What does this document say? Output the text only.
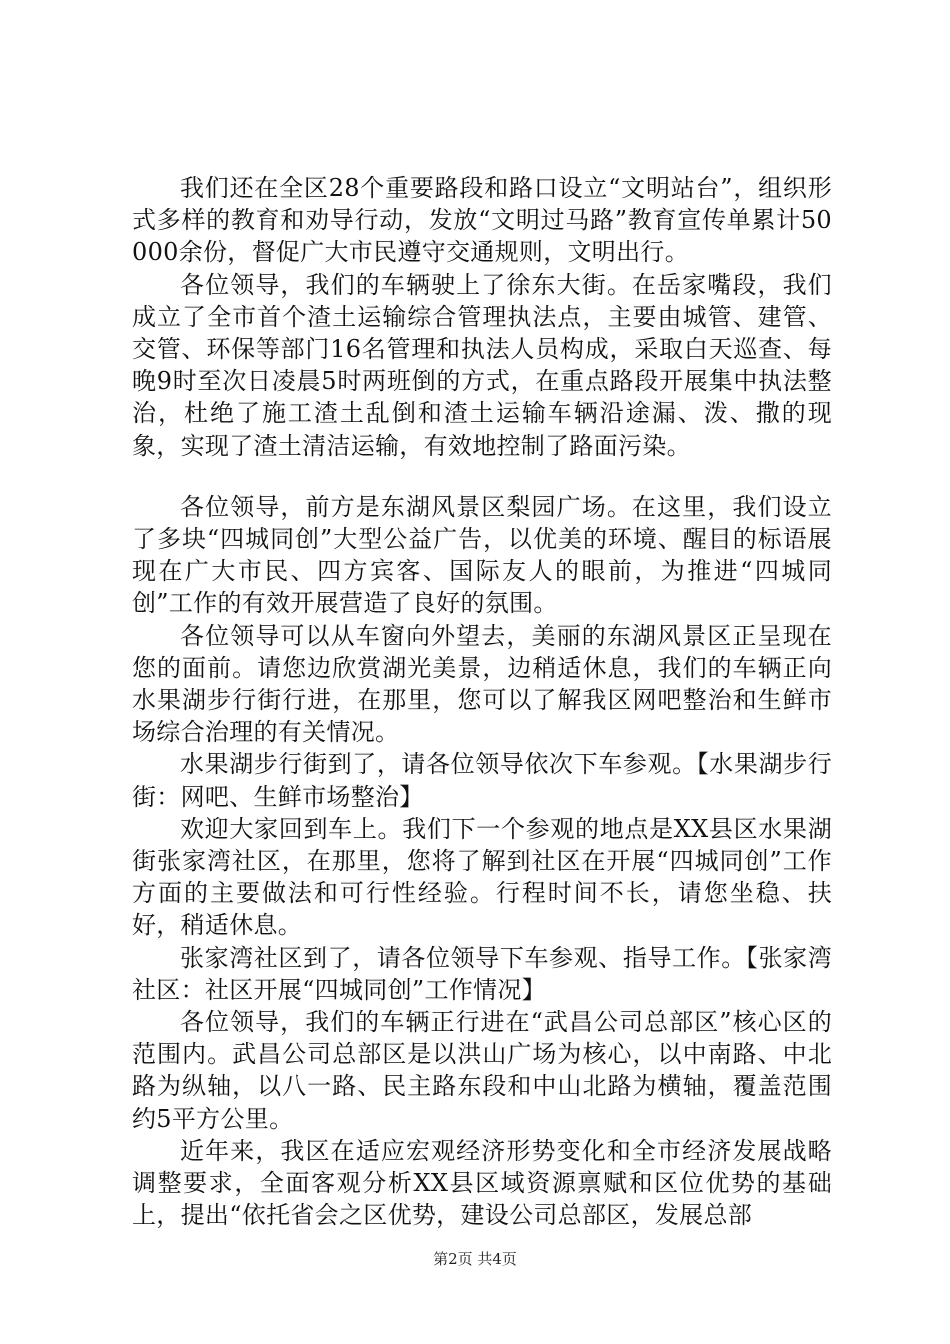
我们还在全区28个重要路段和路口设立“文明站台”，组织形式多样的教育和劝导行动，发放“文明过马路”教育宣传单累计50000余份，督促广大市民遵守交通规则，文明出行。

各位领导，我们的车辆驶上了徐东大街。在岳家嘴段，我们成立了全市首个渣土运输综合管理执法点，主要由城管、建管、交管、环保等部门16名管理和执法人员构成，采取白天巡查、每晚9时至次日凌晨5时两班倒的方式，在重点路段开展集中执法整治，杜绝了施工渣土乱倒和渣土运输车辆沿途漏、泼、撒的现象，实现了渣土清洁运输，有效地控制了路面污染。

各位领导，前方是东湖风景区梨园广场。在这里，我们设立了多块“四城同创”大型公益广告，以优美的环境、醒目的标语展现在广大市民、四方宾客、国际友人的眼前，为推进“四城同创”工作的有效开展营造了良好的氛围。

各位领导可以从车窗向外望去，美丽的东湖风景区正呈现在您的面前。请您边欣赏湖光美景，边稍适休息，我们的车辆正向水果湖步行街行进，在那里，您可以了解我区网吧整治和生鲜市场综合治理的有关情况。

水果湖步行街到了，请各位领导依次下车参观。【水果湖步行街：网吧、生鲜市场整治】

欢迎大家回到车上。我们下一个参观的地点是XX县区水果湖街张家湾社区，在那里，您将了解到社区在开展“四城同创”工作方面的主要做法和可行性经验。行程时间不长，请您坐稳、扶好，稍适休息。

张家湾社区到了，请各位领导下车参观、指导工作。【张家湾社区：社区开展“四城同创”工作情况】

各位领导，我们的车辆正行进在“武昌公司总部区”核心区的范围内。武昌公司总部区是以洪山广场为核心，以中南路、中北路为纵轴，以八一路、民主路东段和中山北路为横轴，覆盖范围约5平方公里。

近年来，我区在适应宏观经济形势变化和全市经济发展战略调整要求，全面客观分析XX县区域资源禀赋和区位优势的基础上，提出“依托省会之区优势，建设公司总部区，发展总部

第2页 共4页
